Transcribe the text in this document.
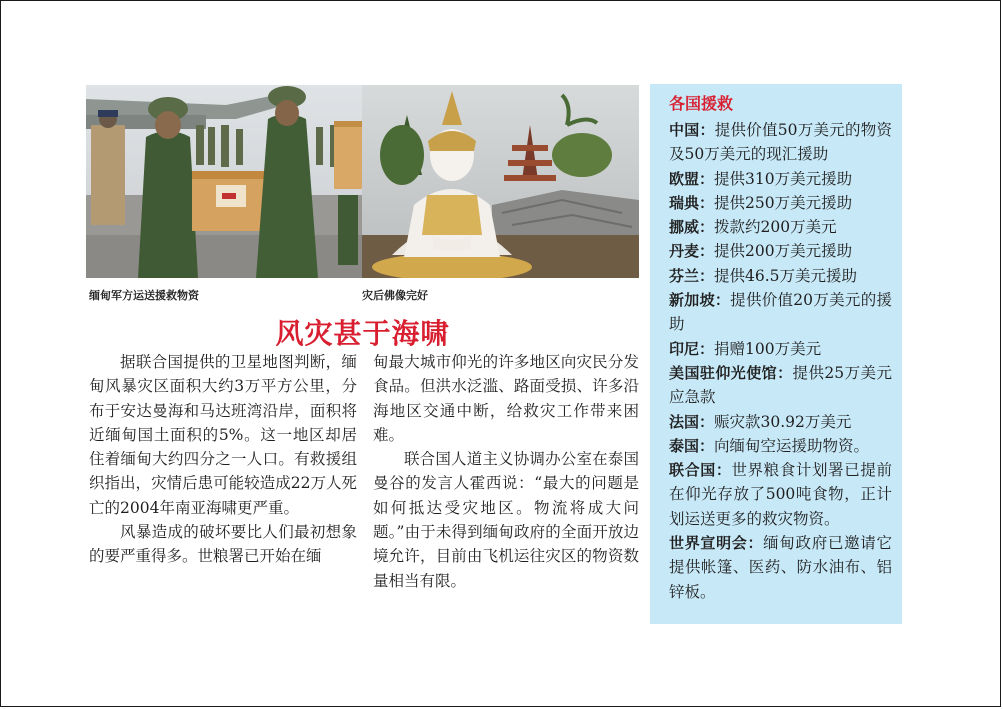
缅甸军方运送援救物资	灾后佛像完好
风灾甚于海啸

据联合国提供的卫星地图判断，缅甸风暴灾区面积大约3万平方公里，分布于安达曼海和马达班湾沿岸，面积将近缅甸国土面积的5%。这一地区却居住着缅甸大约四分之一人口。有救援组织指出，灾情后患可能较造成22万人死亡的2004年南亚海啸更严重。

风暴造成的破坏要比人们最初想象的要严重得多。世粮署已开始在缅

甸最大城市仰光的许多地区向灾民分发食品。但洪水泛滥、路面受损、许多沿海地区交通中断，给救灾工作带来困难。

联合国人道主义协调办公室在泰国曼谷的发言人霍西说：“最大的问题是如何抵达受灾地区。物流将成大问题。”由于未得到缅甸政府的全面开放边境允许，目前由飞机运往灾区的物资数量相当有限。

各国援救

中国：提供价值50万美元的物资及50万美元的现汇援助

欧盟：提供310万美元援助

瑞典：提供250万美元援助

挪威：拨款约200万美元

丹麦：提供200万美元援助

芬兰：提供46.5万美元援助

新加坡：提供价值20万美元的援助

印尼：捐赠100万美元

美国驻仰光使馆：提供25万美元应急款

法国：赈灾款30.92万美元

泰国：向缅甸空运援助物资。

联合国：世界粮食计划署已提前在仰光存放了500吨食物，正计划运送更多的救灾物资。

世界宣明会：缅甸政府已邀请它提供帐篷、医药、防水油布、铝锌板。
